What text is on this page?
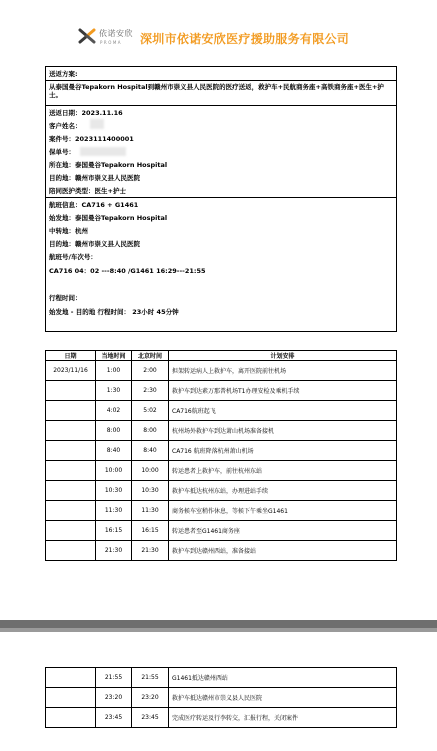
依诺安欣
PROMA 深圳市依诺安欣医疗援助服务有限公司
送返方案:
从泰国曼谷Tepakorn Hospital到赣州市崇义县人民医院的医疗送返，救护车+民航商务座+高铁商务座+医生+护士。
送返日期：2023.11.16
客户姓名：
案件号：2023111400001
保单号：
所在地：泰国曼谷Tepakorn Hospital
目的地：赣州市崇义县人民医院
陪同医护类型：医生+护士
航班信息：CA716 + G1461
始发地：泰国曼谷Tepakorn Hospital
中转地：杭州
目的地：赣州市崇义县人民医院
航班号/车次号：
CA716 04：02 ---8:40 /G1461 16:29---21:55
行程时间：
始发地 - 目的地 行程时间： 23小时 45分钟
日期	当地时间	北京时间	计划安排
2023/11/16	1:00	2:00	担架转运病人上救护车，离开医院前往机场
	1:30	2:30	救护车到达素万那普机场T1办理安检及乘机手续
	4:02	5:02	CA716航班起飞
	8:00	8:00	杭州场外救护车到达萧山机场准备接机
	8:40	8:40	CA716 航班降落杭州萧山机场
	10:00	10:00	转运患者上救护车，前往杭州东站
	10:30	10:30	救护车抵达杭州东站，办理进站手续
	11:30	11:30	商务候车室稍作休息，等候下午乘坐G1461
	16:15	16:15	转运患者至G1461商务座
	21:30	21:30	救护车到达赣州西站，准备接站
	21:55	21:55	G1461抵达赣州西站
	23:20	23:20	救护车抵达赣州市崇义县人民医院
	23:45	23:45	完成医疗转运及行李转交，汇报行程，关闭案件
